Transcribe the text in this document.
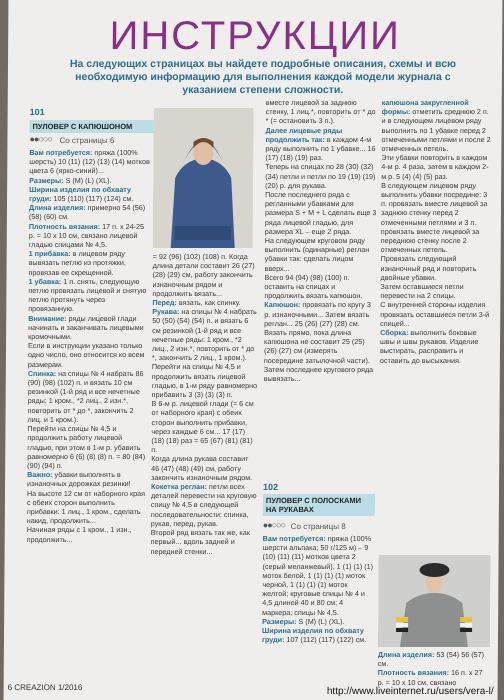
ИНСТРУКЦИИ
На следующих страницах вы найдете подробные описания, схемы и всю необходимую информацию для выполнения каждой модели журнала с указанием степени сложности.
101
ПУЛОВЕР С КАПЮШОНОМ
●●○○○ Со страницы 6

Вам потребуется: пряжа (100% шерсть) 10 (11) (12) (13) (14) мотков цвета 6 (ярко-синий)...

Размеры: S (M) (L) (XL).

Ширина изделия по обхвату груди: 105 (110) (117) (124) см.

Длина изделия: примерно 54 (56) (58) (60) см.

Плотность вязания: 17 п. х 24-25 р. = 10 х 10 см, связано лицевой гладью спицами № 4,5.

1 прибавка: в лицевом ряду вывязать петлю из протяжки, провязав ее скрещенной.

1 убавка: 1 п. снять, следующую петлю провязать лицевой и снятую петлю протянуть через провязанную.

Внимание: ряды лицевой глади начинать и заканчивать лицевыми кромочными.

Если в инструкции указано только одно число, оно относится ко всем размерам.

Спинка: на спицы № 4 набрать 86 (90) (98) (102) п. и вязать 10 см резинкой (1-й ряд и все нечетные ряды: 1 кром., *2 лиц., 2 изн.*, повторить от * до *, закончить 2 лиц. и 1 кром.).

Перейти на спицы № 4,5 и продолжить работу лицевой гладью, при этом в 1-м р. убавить равномерно 6 (6) (8) (8) п. = 80 (84) (90) (94) п.

Важно: убавки выполнять в изнаночных дорожках резинки!

На высоте 12 см от наборного края с обеих сторон выполнить прибавки: 1 лиц., 1 кром., сделать накид, продолжить...

Начиная ряды с 1 кром., 1 изн., продолжить...

= 92 (96) (102) (108) п. Когда длина детали составит 26 (27) (28) (29) см, работу закончить изнаночным рядом и продолжить вязать...

Перед: вязать, как спинку.

Рукава: на спицы № 4 набрать 50 (50) (54) (54) п. и вязать 6 см резинкой (1-й ряд и все нечетные ряды: 1 кром., *2 лиц., 2 изн.*, повторить от * до *, закончить 2 лиц., 1 кром.).

Перейти на спицы № 4,5 и продолжить вязать лицевой гладью, в 1-м ряду равномерно прибавить 3 (3) (3) (3) п.

В 6-м р. лицевой глади (= 6 см от наборного края) с обеих сторон выполнить прибавки, через каждые 6 см... 17 (17) (18) (18) раз = 65 (67) (81) (81) п.

Когда длина рукава составит 46 (47) (48) (49) см, работу закончить изнаночным рядом.

Кокетка реглан: петли всех деталей перевести на круговую спицу № 4,5 в следующей последовательности: спинка, рукав, перед, рукав.

Второй ряд вязать так же, как первый... вдоль задней и передней стенки...

вместе лицевой за заднюю стенку, 1 лиц.*, повторить от * до * (= остановить 3 п.).

Далее лицевые ряды продолжить так: в каждом 4-м ряду выполнить по 1 убавке... 16 (17) (18) (19) раз.

Теперь на спицах по 28 (30) (32) (34) петли и петли по 19 (19) (19) (20) р. для рукава.

После последнего ряда с регланными убавками для размера S + M + L сделать еще 3 ряда лицевой гладью, для размера XL – еще 2 ряда.

На следующем круговом ряду выполнить (одинарные) реглан убавки так: сделать лицом вверх...

Всего 94 (94) (98) (100) п. оставить на спицах и продолжить вязать капюшон.

Капюшон: провязать по кругу 3 р. изнаночными... Затем вязать реглан... 25 (26) (27) (28) см.

Вязать прямо, пока длина капюшона не составит 25 (25) (26) (27) см (измерять посередине затылочной части). Затем последнее кругового ряда вывязать...

капюшона закругленной формы: отметить среднюю 2 п. и в следующем лицевом ряду выполнить по 1 убавке перед 2 отмеченными петлями и после 2 отмеченных петель.

Эти убавки повторить в каждом 4-м р. 4 раза, затем в каждом 2-м р. 5 (4) (4) (5) раз.

В следующем лицевом ряду выполнить убавки посредине: 3 п. провязать вместе лицевой за заднюю стенку перед 2 отмеченными петлями и 3 п. провязать вместе лицевой за переднюю стенку после 2 отмеченных петель.

Провязать следующий изнаночный ряд и повторить двойные убавки.

Затем оставшиеся петли перевести на 2 спицы.

С внутренней стороны изделия провязать оставшиеся петли 3-й спицей...

Сборка: выполнить боковые швы и швы рукавов. Изделие выстирать, расправить и оставить до высыхания.

102
ПУЛОВЕР С ПОЛОСКАМИ НА РУКАВАХ
●●○○○ Со страницы 8

Вам потребуется: пряжа (100% шерсти альпака; 50 г/125 м) – 9 (10) (11) (11) мотков цвета 2 (серый меланжевый), 1 (1) (1) (1) моток белой, 1 (1) (1) (1) моток черной, 1 (1) (1) (1) моток желтой; круговые спицы № 4 и 4,5 длиной 40 и 80 см; 4 маркера; спицы № 4,5.

Размеры: S (M) (L) (XL).

Ширина изделия по обхвату груди: 107 (112) (117) (122) см.

Длина изделия: 53 (54) 56 (57) см.

Плотность вязания: 16 п. х 27 р. = 10 х 10 см, связано

6 CREAZION 1/2016	http://www.liveinternet.ru/users/vera-l/
